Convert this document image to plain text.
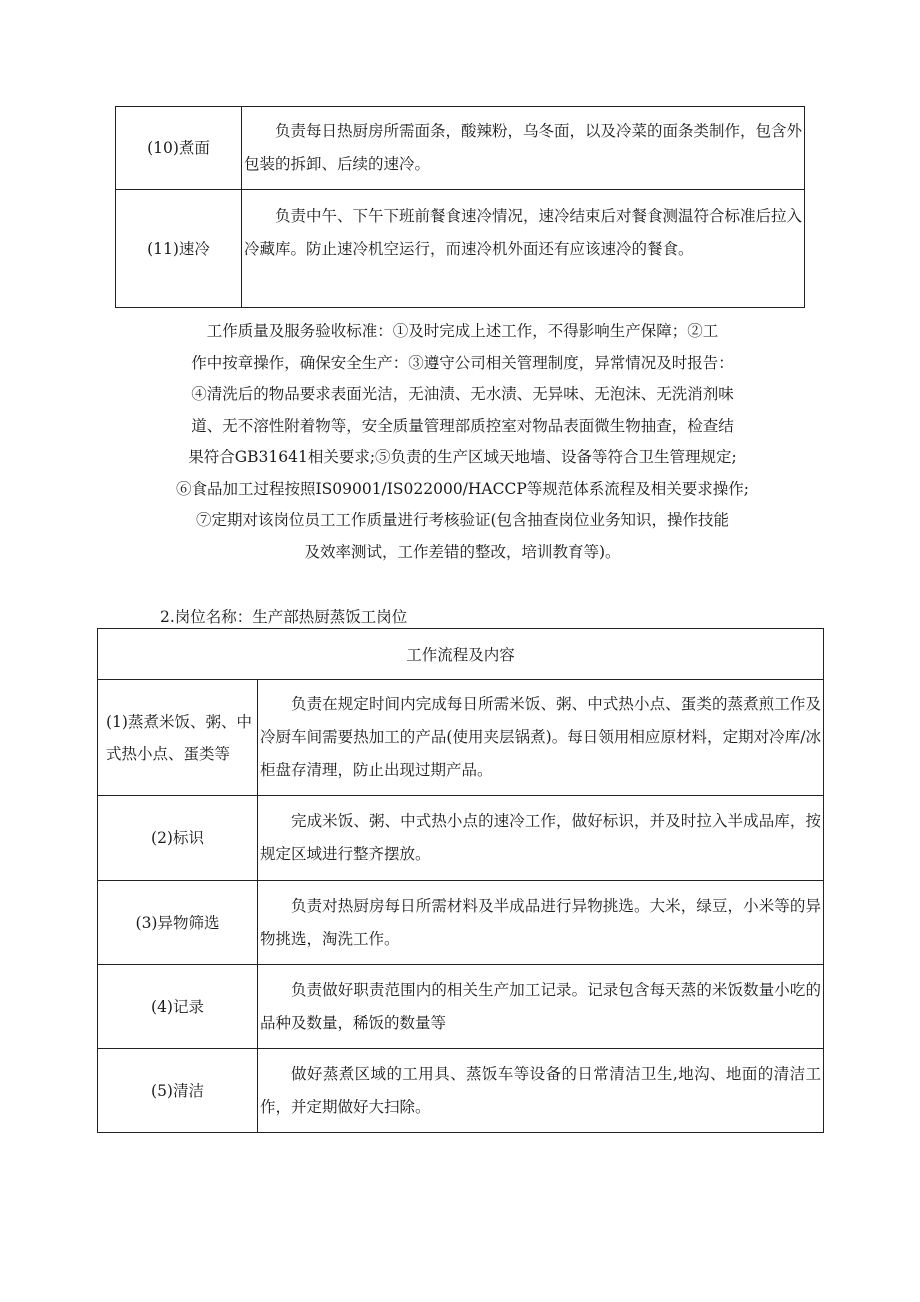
(10)煮面	负责每日热厨房所需面条，酸辣粉，乌冬面，以及冷菜的面条类制作，包含外包装的拆卸、后续的速冷。
(11)速冷	负责中午、下午下班前餐食速冷情况，速冷结束后对餐食测温符合标准后拉入冷藏库。防止速冷机空运行，而速冷机外面还有应该速冷的餐食。

工作质量及服务验收标准：①及时完成上述工作，不得影响生产保障；②工
作中按章操作，确保安全生产：③遵守公司相关管理制度，异常情况及时报告：
④清洗后的物品要求表面光洁，无油渍、无水渍、无异味、无泡沫、无洗消剂味
道、无不溶性附着物等，安全质量管理部质控室对物品表面微生物抽查，检查结
果符合GB31641相关要求;⑤负责的生产区域天地墙、设备等符合卫生管理规定;
⑥食品加工过程按照IS09001/IS022000/HACCP等规范体系流程及相关要求操作;
⑦定期对该岗位员工工作质量进行考核验证(包含抽查岗位业务知识，操作技能
及效率测试，工作差错的整改，培训教育等)。

2.岗位名称：生产部热厨蒸饭工岗位

工作流程及内容	
(1)蒸煮米饭、粥、中式热小点、蛋类等	负责在规定时间内完成每日所需米饭、粥、中式热小点、蛋类的蒸煮煎工作及冷厨车间需要热加工的产品(使用夹层锅煮)。每日领用相应原材料，定期对冷库/冰柜盘存清理，防止出现过期产品。
(2)标识	完成米饭、粥、中式热小点的速冷工作，做好标识，并及时拉入半成品库，按规定区域进行整齐摆放。
(3)异物筛选	负责对热厨房每日所需材料及半成品进行异物挑选。大米，绿豆，小米等的异物挑选，淘洗工作。
(4)记录	负责做好职责范围内的相关生产加工记录。记录包含每天蒸的米饭数量小吃的品种及数量，稀饭的数量等
(5)清洁	做好蒸煮区域的工用具、蒸饭车等设备的日常清洁卫生,地沟、地面的清洁工作，并定期做好大扫除。
